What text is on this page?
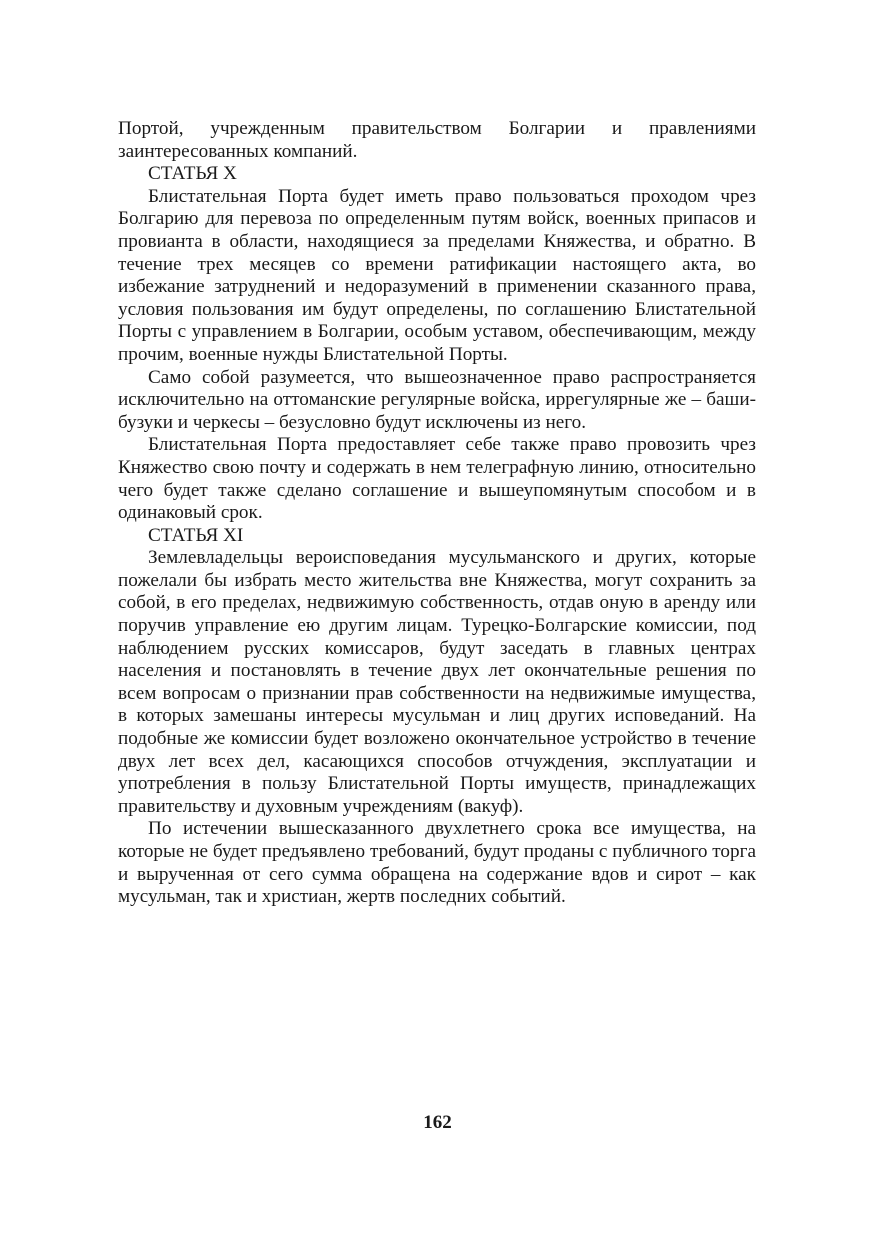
Портой, учрежденным правительством Болгарии и правлениями заинтересованных компаний.

СТАТЬЯ X

Блистательная Порта будет иметь право пользоваться проходом чрез Болгарию для перевоза по определенным путям войск, военных припасов и провианта в области, находящиеся за пределами Княжества, и обратно. В течение трех месяцев со времени ратификации настоящего акта, во избежание затруднений и недоразумений в применении сказанного права, условия пользования им будут определены, по соглашению Блистательной Порты с управлением в Болгарии, особым уставом, обеспечивающим, между прочим, военные нужды Блистательной Порты.

Само собой разумеется, что вышеозначенное право распространяется исключительно на оттоманские регулярные войска, иррегулярные же – баши-бузуки и черкесы – безусловно будут исключены из него.

Блистательная Порта предоставляет себе также право провозить чрез Княжество свою почту и содержать в нем телеграфную линию, относительно чего будет также сделано соглашение и вышеупомянутым способом и в одинаковый срок.

СТАТЬЯ XI

Землевладельцы вероисповедания мусульманского и других, которые пожелали бы избрать место жительства вне Княжества, могут сохранить за собой, в его пределах, недвижимую собственность, отдав оную в аренду или поручив управление ею другим лицам. Турецко-Болгарские комиссии, под наблюдением русских комиссаров, будут заседать в главных центрах населения и постановлять в течение двух лет окончательные решения по всем вопросам о признании прав собственности на недвижимые имущества, в которых замешаны интересы мусульман и лиц других исповеданий. На подобные же комиссии будет возложено окончательное устройство в течение двух лет всех дел, касающихся способов отчуждения, эксплуатации и употребления в пользу Блистательной Порты имуществ, принадлежащих правительству и духовным учреждениям (вакуф).

По истечении вышесказанного двухлетнего срока все имущества, на которые не будет предъявлено требований, будут проданы с публичного торга и вырученная от сего сумма обращена на содержание вдов и сирот – как мусульман, так и христиан, жертв последних событий.

162
